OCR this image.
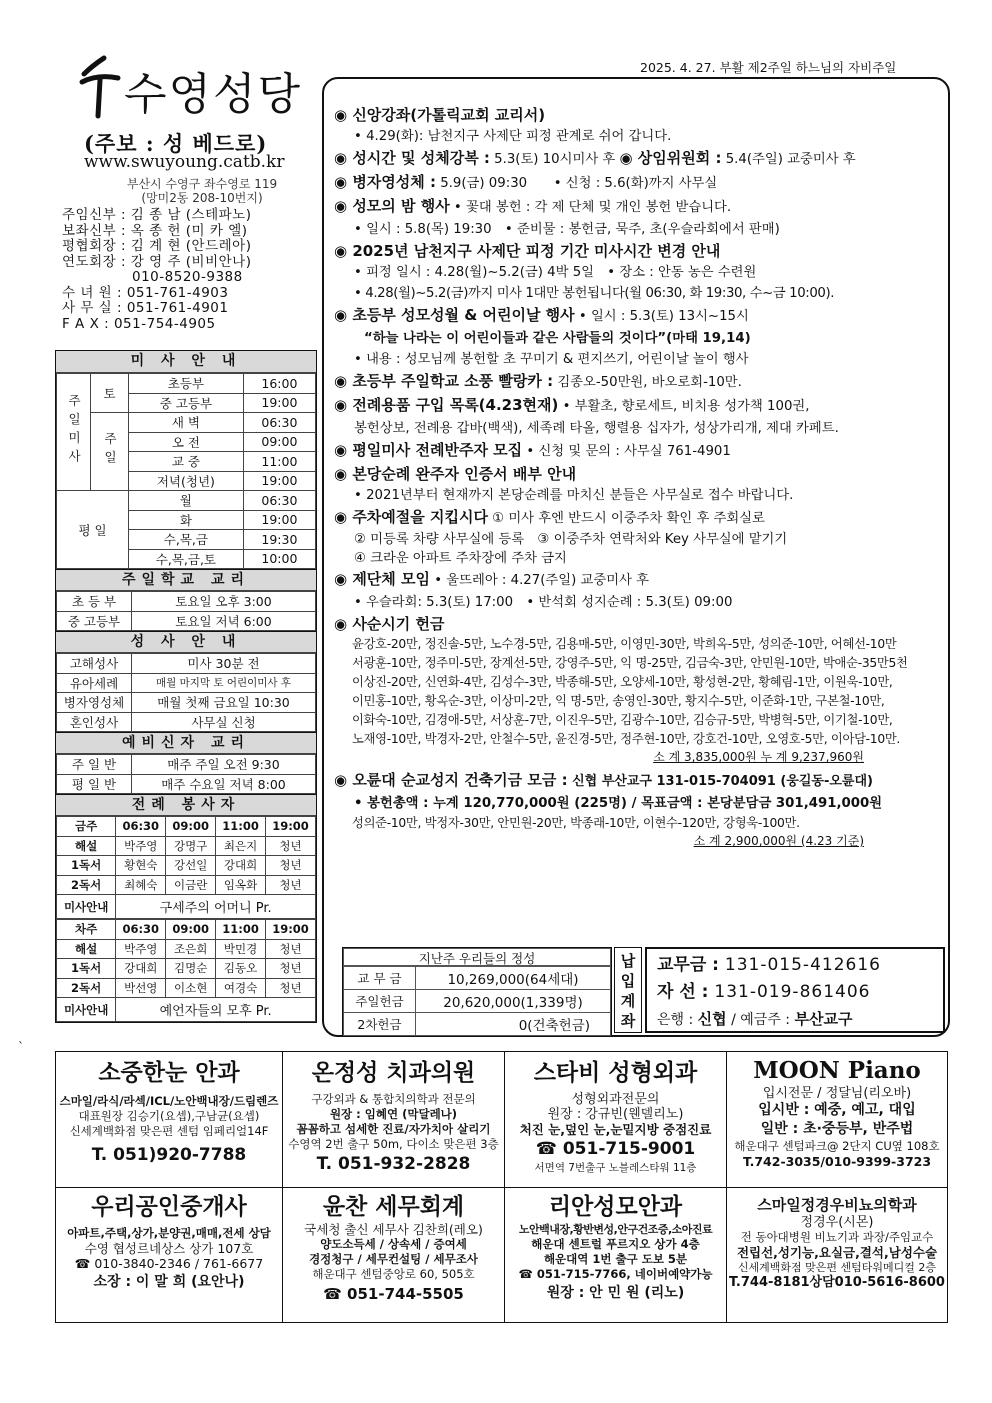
2025. 4. 27. 부활 제2주일 하느님의 자비주일
수영성당
(주보 : 성 베드로)
www.swuyoung.catb.kr
부산시 수영구 좌수영로 119
(망미2동 208-10번지)
주임신부 : 김 종 남 (스테파노)
보좌신부 : 옥 종 헌 (미 카 엘)
평협회장 : 김 계 현 (안드레아)
연도회장 : 강 영 주 (비비안나)
　　　　　010-8520-9388
수 녀 원 : 051-761-4903
사 무 실 : 051-761-4901
F A X : 051-754-4905
미 사 안 내
주일미사	토	초등부	16:00
		중 고등부	19:00
	주일	새 벽	06:30
		오 전	09:00
		교 중	11:00
		저녁(청년)	19:00
평 일		월	06:30
		화	19:00
		수,목,금	19:30
		수,목,금,토	10:00
주일학교 교리
초 등 부	토요일 오후 3:00
중 고등부	토요일 저녁 6:00
성 사 안 내
고해성사	미사 30분 전
유아세례	매월 마지막 토 어린이미사 후
병자영성체	매월 첫째 금요일 10:30
혼인성사	사무실 신청
예비신자 교리
주 일 반	매주 주일 오전 9:30
평 일 반	매주 수요일 저녁 8:00
전례 봉사자
금주	06:30	09:00	11:00	19:00
해설	박주영	강명구	최은지	청년
1독서	황현숙	강선일	강대희	청년
2독서	최혜숙	이금란	임옥화	청년
미사안내	구세주의 어머니 Pr.			
차주	06:30	09:00	11:00	19:00
해설	박주영	조은희	박민경	청년
1독서	강대희	김명순	김동오	청년
2독서	박선영	이소현	여경숙	청년
미사안내	예언자들의 모후 Pr.			
◉ 신앙강좌(가톨릭교회 교리서)
• 4.29(화): 남천지구 사제단 피정 관계로 쉬어 갑니다.
◉ 성시간 및 성체강복 : 5.3(토) 10시미사 후 ◉ 상임위원회 : 5.4(주일) 교중미사 후
◉ 병자영성체 : 5.9(금) 09:30　　• 신청 : 5.6(화)까지 사무실
◉ 성모의 밤 행사 • 꽃대 봉헌 : 각 제 단체 및 개인 봉헌 받습니다.
• 일시 : 5.8(목) 19:30　• 준비물 : 봉헌금, 묵주, 초(우슬라회에서 판매)
◉ 2025년 남천지구 사제단 피정 기간 미사시간 변경 안내
• 피정 일시 : 4.28(월)~5.2(금) 4박 5일　• 장소 : 안동 농은 수련원
• 4.28(월)~5.2(금)까지 미사 1대만 봉헌됩니다(월 06:30, 화 19:30, 수~금 10:00).
◉ 초등부 성모성월 & 어린이날 행사 • 일시 : 5.3(토) 13시~15시
“하늘 나라는 이 어린이들과 같은 사람들의 것이다”(마태 19,14)
• 내용 : 성모님께 봉헌할 초 꾸미기 & 편지쓰기, 어린이날 놀이 행사
◉ 초등부 주일학교 소풍 빨랑카 : 김종오-50만원, 바오로회-10만.
◉ 전례용품 구입 목록(4.23현재) • 부활초, 향로세트, 비치용 성가책 100권,
봉헌상보, 전례용 갑바(백색), 세족례 타올, 행렬용 십자가, 성상가리개, 제대 카페트.
◉ 평일미사 전례반주자 모집 • 신청 및 문의 : 사무실 761-4901
◉ 본당순례 완주자 인증서 배부 안내
• 2021년부터 현재까지 본당순례를 마치신 분들은 사무실로 접수 바랍니다.
◉ 주차예절을 지킵시다 ① 미사 후엔 반드시 이중주차 확인 후 주회실로
② 미등록 차량 사무실에 등록　③ 이중주차 연락처와 Key 사무실에 맡기기
④ 크라운 아파트 주차장에 주차 금지
◉ 제단체 모임 • 울뜨레아 : 4.27(주일) 교중미사 후
• 우슬라회: 5.3(토) 17:00　• 반석회 성지순례 : 5.3(토) 09:00
◉ 사순시기 헌금
윤강호-20만, 정진솔-5만, 노수경-5만, 김용매-5만, 이영민-30만, 박희옥-5만, 성의준-10만, 어혜선-10만
서광훈-10만, 정주미-5만, 장계선-5만, 강영주-5만, 익 명-25만, 김금숙-3만, 안민원-10만, 박애순-35만5천
이상진-20만, 신연화-4만, 김성수-3만, 박종해-5만, 오양세-10만, 황성현-2만, 황혜림-1만, 이원욱-10만,
이민홍-10만, 황옥순-3만, 이상미-2만, 익 명-5만, 송영인-30만, 황지수-5만, 이준화-1만, 구본철-10만,
이화숙-10만, 김경애-5만, 서상훈-7만, 이진우-5만, 김광수-10만, 김승규-5만, 박병혁-5만, 이기철-10만,
노재영-10만, 박경자-2만, 안철수-5만, 윤진경-5만, 정주현-10만, 강호건-10만, 오영호-5만, 이아담-10만.
소 계 3,835,000원 누 계 9,237,960원
◉ 오륜대 순교성지 건축기금 모금 : 신협 부산교구 131-015-704091 (웅길동-오륜대)
• 봉헌총액 : 누계 120,770,000원 (225명) / 목표금액 : 본당분담금 301,491,000원
성의준-10만, 박정자-30만, 안민원-20만, 박종래-10만, 이현수-120만, 강형욱-100만.
소 계 2,900,000원 (4.23 기준)
지난주 우리들의 정성
교 무 금	10,269,000(64세대)
주일헌금	20,620,000(1,339명)
2차헌금	0(건축헌금)
납입계좌
교무금 : 131-015-412616
자 선 : 131-019-861406
은행 : 신협 / 예금주 : 부산교구
`
소중한눈 안과
스마일/라식/라섹/ICL/노안백내장/드림렌즈
대표원장 김승기(요셉),구남균(요셉)
신세계백화점 맞은편 센텀 임페리얼14F
T. 051)920-7788
온정성 치과의원
구강외과 & 통합치의학과 전문의
원장 : 임혜연 (막달레나)
꼼꼼하고 섬세한 진료/자가치아 살리기
수영역 2번 출구 50m, 다이소 맞은편 3층
T. 051-932-2828
스타비 성형외과
성형외과전문의
원장 : 강규빈(웬델리노)
처진 눈,덮인 눈,눈밑지방 중점진료
☎ 051-715-9001
서면역 7번출구 노블레스타워 11층
MOON Piano
입시전문 / 정달님(리오바)
입시반 : 예중, 예고, 대입
일반 : 초·중등부, 반주법
해운대구 센텀파크@ 2단지 CU옆 108호
T.742-3035/010-9399-3723
우리공인중개사
아파트,주택,상가,분양권,매매,전세 상담
수영 협성르네상스 상가 107호
☎ 010-3840-2346 / 761-6677
소장 : 이 말 희 (요안나)
윤찬 세무회계
국세청 출신 세무사 김찬희(레오)
양도소득세 / 상속세 / 증여세
경정청구 / 세무컨설팅 / 세무조사
해운대구 센텀중앙로 60, 505호
☎ 051-744-5505
리안성모안과
노안백내장,황반변성,안구건조증,소아진료
해운대 센트럴 푸르지오 상가 4층
해운대역 1번 출구 도보 5분
☎ 051-715-7766, 네이버예약가능
원장 : 안 민 원 (리노)
스마일정경우비뇨의학과
정경우(시몬)
전 동아대병원 비뇨기과 과장/주임교수
전립선,성기능,요실금,결석,남성수술
신세계백화점 맞은편 센텀타워메디컬 2층
T.744-8181상담010-5616-8600
